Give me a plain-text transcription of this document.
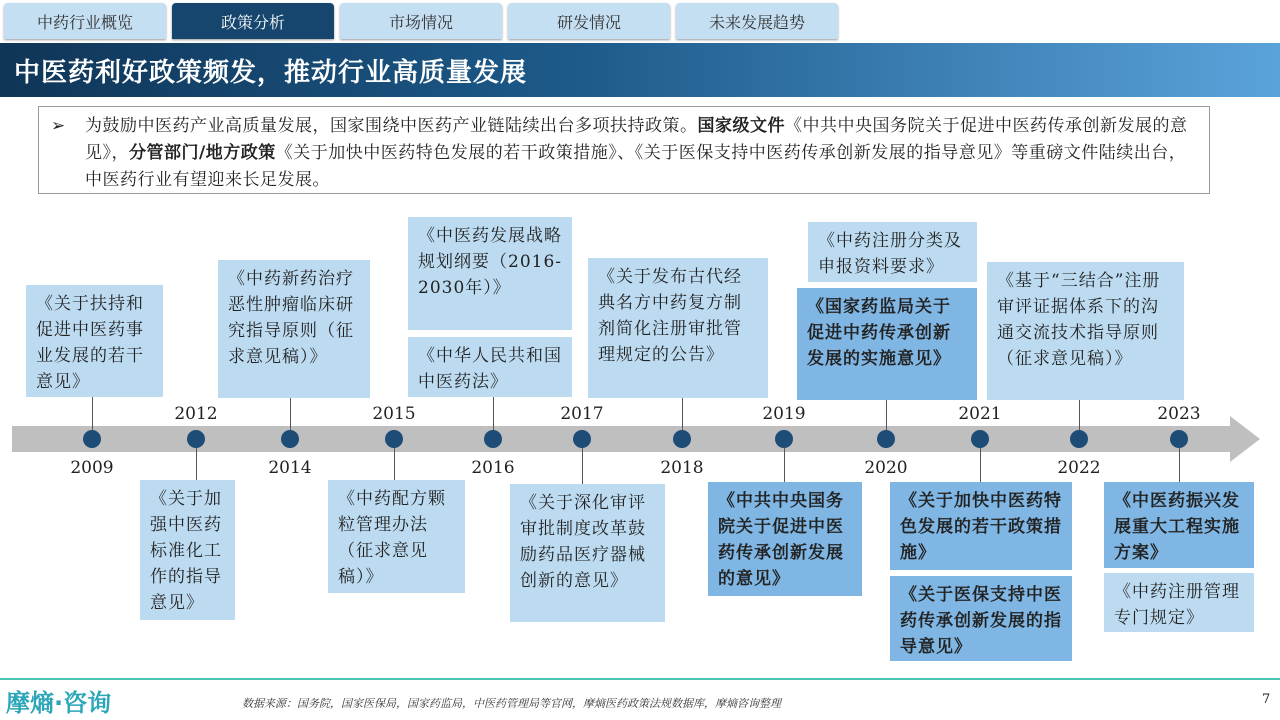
中药行业概览	政策分析	市场情况	研发情况	未来发展趋势
中医药利好政策频发，推动行业高质量发展
➢ 为鼓励中医药产业高质量发展，国家围绕中医药产业链陆续出台多项扶持政策。国家级文件《中共中央国务院关于促进中医药传承创新发展的意见》，分管部门/地方政策《关于加快中医药特色发展的若干政策措施》、《关于医保支持中医药传承创新发展的指导意见》等重磅文件陆续出台，中医药行业有望迎来长足发展。
2009
2012
2014
2015
2016
2017
2018
2019
2020
2021
2022
2023
《关于扶持和促进中医药事业发展的若干意见》
《关于加强中医药标准化工作的指导意见》
《中药新药治疗恶性肿瘤临床研究指导原则（征求意见稿）》
《中药配方颗粒管理办法（征求意见稿）》
《中医药发展战略规划纲要（2016-2030年）》
《中华人民共和国中医药法》
《关于深化审评审批制度改革鼓励药品医疗器械创新的意见》
《关于发布古代经典名方中药复方制剂简化注册审批管理规定的公告》
《中共中央国务院关于促进中医药传承创新发展的意见》
《中药注册分类及申报资料要求》
《国家药监局关于促进中药传承创新发展的实施意见》
《关于加快中医药特色发展的若干政策措施》
《关于医保支持中医药传承创新发展的指导意见》
《基于“三结合”注册审评证据体系下的沟通交流技术指导原则（征求意见稿）》
《中医药振兴发展重大工程实施方案》
《中药注册管理专门规定》
摩熵·咨询	数据来源：国务院，国家医保局，国家药监局，中医药管理局等官网，摩熵医药政策法规数据库，摩熵咨询整理	7
